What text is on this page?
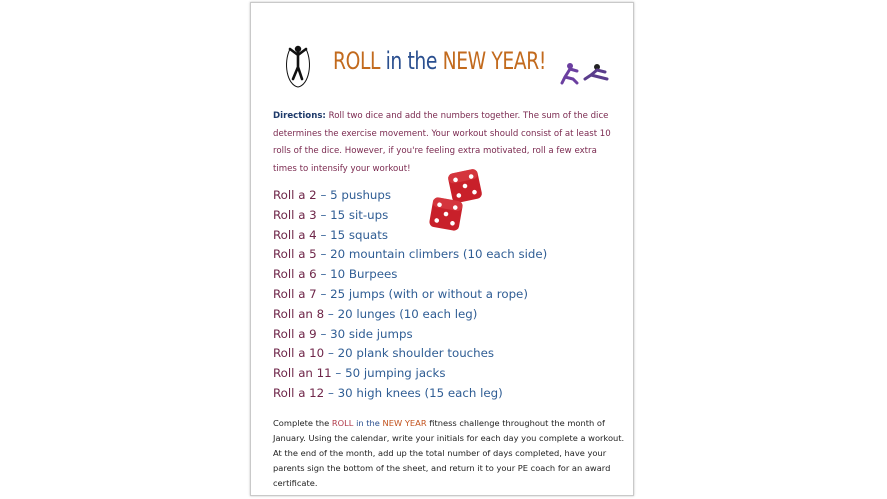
ROLL in the NEW YEAR!
Directions: Roll two dice and add the numbers together. The sum of the dice determines the exercise movement. Your workout should consist of at least 10 rolls of the dice. However, if you're feeling extra motivated, roll a few extra times to intensify your workout!
Roll a 2 – 5 pushups
Roll a 3 – 15 sit-ups
Roll a 4 – 15 squats
Roll a 5 – 20 mountain climbers (10 each side)
Roll a 6 – 10 Burpees
Roll a 7 – 25 jumps (with or without a rope)
Roll an 8 – 20 lunges (10 each leg)
Roll a 9 – 30 side jumps
Roll a 10 – 20 plank shoulder touches
Roll an 11 – 50 jumping jacks
Roll a 12 – 30 high knees (15 each leg)
Complete the ROLL in the NEW YEAR fitness challenge throughout the month of January. Using the calendar, write your initials for each day you complete a workout. At the end of the month, add up the total number of days completed, have your parents sign the bottom of the sheet, and return it to your PE coach for an award certificate.
